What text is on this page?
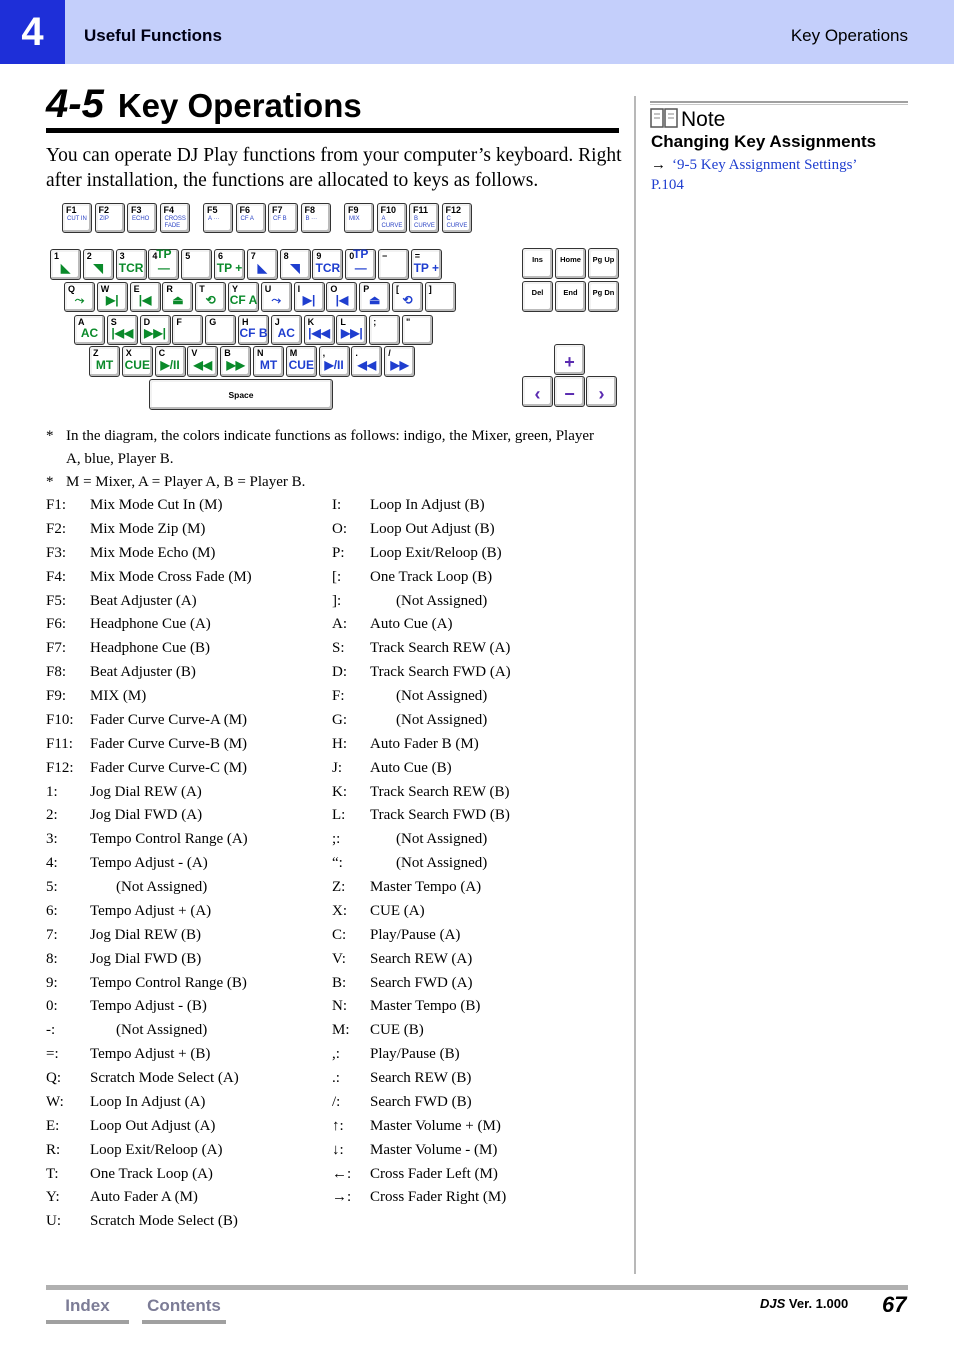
4	Useful Functions	Key Operations
4-5 Key Operations

You can operate DJ Play functions from your computer’s keyboard. Right after installation, the functions are allocated to keys as follows.

F1
CUT IN
F2
ZIP
F3
ECHO
F4
CROSS FADE
F5
A ···
F6
CF A
F7
CF B
F8
B ···
F9
MIX
F10
A CURVE
F11
B CURVE
F12
C CURVE
1
◣
2
◥
3
TCR
4
TP —
5	6
TP +
7
◣
8
◥
9
TCR
0
TP —
−	=
TP +
Q
⤳
W
▶|
E
|◀
R
⏏
T
⟲
Y
CF A
U
⤳
I
▶|
O
|◀
P
⏏
[
⟲
]
A
AC
S
|◀◀
D
▶▶|
F	G	H
CF B
J
AC
K
|◀◀
L
▶▶|
;	"
Z
MT
X
CUE
C
▶/II
V
◀◀
B
▶▶
N
MT
M
CUE
,
▶/II
.
◀◀
/
▶▶
Space
Ins	Home	Pg Up
Del	End	Pg Dn
+
‹	−	›
* In the diagram, the colors indicate functions as follows: indigo, the Mixer, green, Player A, blue, Player B.
* M = Mixer, A = Player A, B = Player B.
F1: Mix Mode Cut In (M)
F2: Mix Mode Zip (M)
F3: Mix Mode Echo (M)
F4: Mix Mode Cross Fade (M)
F5: Beat Adjuster (A)
F6: Headphone Cue (A)
F7: Headphone Cue (B)
F8: Beat Adjuster (B)
F9: MIX (M)
F10: Fader Curve Curve-A (M)
F11: Fader Curve Curve-B (M)
F12: Fader Curve Curve-C (M)
1: Jog Dial REW (A)
2: Jog Dial FWD (A)
3: Tempo Control Range (A)
4: Tempo Adjust - (A)
5:	(Not Assigned)
6: Tempo Adjust + (A)
7: Jog Dial REW (B)
8: Jog Dial FWD (B)
9: Tempo Control Range (B)
0: Tempo Adjust - (B)
-:	(Not Assigned)
=: Tempo Adjust + (B)
Q: Scratch Mode Select (A)
W: Loop In Adjust (A)
E: Loop Out Adjust (A)
R: Loop Exit/Reloop (A)
T: One Track Loop (A)
Y: Auto Fader A (M)
U: Scratch Mode Select (B)
I: Loop In Adjust (B)
O: Loop Out Adjust (B)
P: Loop Exit/Reloop (B)
[: One Track Loop (B)
]:	(Not Assigned)
A: Auto Cue (A)
S: Track Search REW (A)
D: Track Search FWD (A)
F:	(Not Assigned)
G:	(Not Assigned)
H: Auto Fader B (M)
J: Auto Cue (B)
K: Track Search REW (B)
L: Track Search FWD (B)
;:	(Not Assigned)
“:	(Not Assigned)
Z: Master Tempo (A)
X: CUE (A)
C: Play/Pause (A)
V: Search REW (A)
B: Search FWD (A)
N: Master Tempo (B)
M: CUE (B)
,: Play/Pause (B)
.: Search REW (B)
/: Search FWD (B)
↑: Master Volume + (M)
↓: Master Volume - (M)
←: Cross Fader Left (M)
→: Cross Fader Right (M)
Note
Changing Key Assignments
→ ‘9-5 Key Assignment Settings’ P.104
Index	Contents	DJS Ver. 1.000 67
